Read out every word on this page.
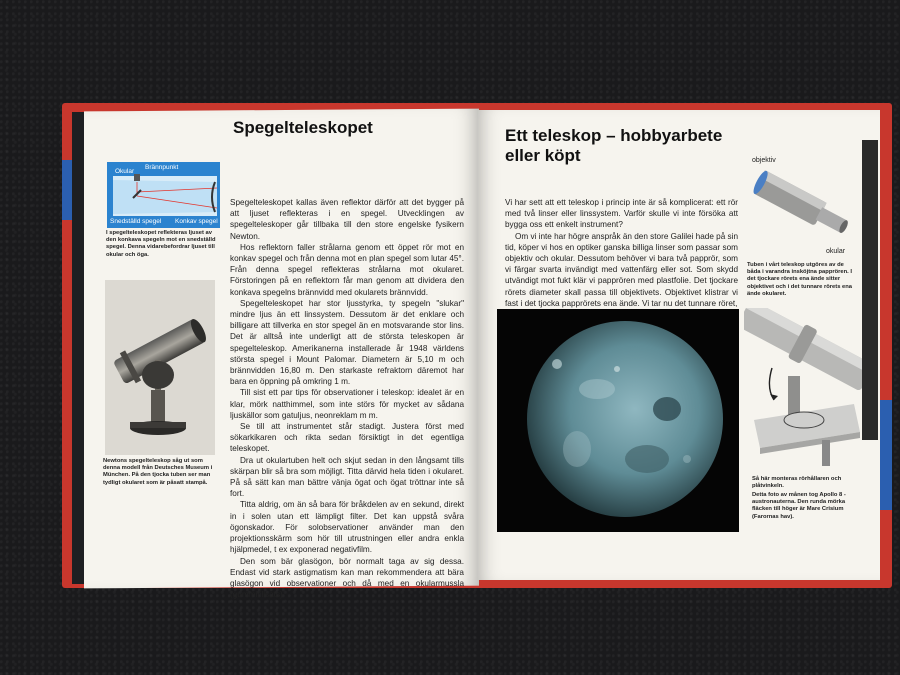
Spegelteleskopet
Okular
Brännpunkt
Snedställd spegel Konkav spegel

I spegelteleskopet reflekteras ljuset av den konkava spegeln mot en snedställd spegel. Denna vidarebefordrar ljuset till okular och öga.

Newtons spegelteleskop såg ut som denna modell från Deutsches Museum i München. På den tjocka tuben ser man tydligt okularet som är påsatt stampå.

Spegelteleskopet kallas även reflektor därför att det bygger på att ljuset reflekteras i en spegel. Utvecklingen av spegelteleskoper går tillbaka till den store engelske fysikern Newton.

Hos reflektorn faller strålarna genom ett öppet rör mot en konkav spegel och från denna mot en plan spegel som lutar 45°. Från denna spegel reflekteras strålarna mot okularet. Förstoringen på en reflektorn får man genom att dividera den konkava spegelns brännvidd med okularets brännvidd.

Spegelteleskopet har stor ljusstyrka, ty spegeln "slukar" mindre ljus än ett linssystem. Dessutom är det enklare och billigare att tillverka en stor spegel än en motsvarande stor lins. Det är alltså inte underligt att de största teleskopen är spegelteleskop. Amerikanerna installerade år 1948 världens största spegel i Mount Palomar. Diametern är 5,10 m och brännvidden 16,80 m. Den starkaste refraktorn däremot har bara en öppning på omkring 1 m.

Till sist ett par tips för observationer i teleskop: idealet är en klar, mörk natthimmel, som inte störs för mycket av sådana ljuskällor som gatuljus, neonreklam m m.

Se till att instrumentet står stadigt. Justera först med sökarkikaren och rikta sedan försiktigt in det egentliga teleskopet.

Dra ut okulartuben helt och skjut sedan in den långsamt tills skärpan blir så bra som möjligt. Titta därvid hela tiden i okularet. På så sätt kan man bättre vänja ögat och ögat tröttnar inte så fort.

Titta aldrig, om än så bara för bråkdelen av en sekund, direkt in i solen utan ett lämpligt filter. Det kan uppstå svåra ögonskador. För solobservationer använder man den projektionsskärm som hör till utrustningen eller andra enkla hjälpmedel, t ex exponerad negativfilm.

Den som bär glasögon, bör normalt taga av sig dessa. Endast vid stark astigmatism kan man rekommendera att bära glasögon vid observationer och då med en okularmussla (gummitillsats).

Ett teleskop – hobbyarbete eller köpt

Vi har sett att ett teleskop i princip inte är så komplicerat: ett rör med två linser eller linssystem. Varför skulle vi inte försöka att bygga oss ett enkelt instrument?

Om vi inte har högre anspråk än den store Galilei hade på sin tid, köper vi hos en optiker ganska billiga linser som passar som objektiv och okular. Dessutom behöver vi bara två papprör, som vi färgar svarta invändigt med vattenfärg eller sot. Som skydd utvändigt mot fukt klär vi papprören med plastfolie. Det tjockare rörets diameter skall passa till objektivets. Objektivet klistrar vi fast i det tjocka papprörets ena ände. Vi tar nu det tunnare röret,

objektiv
okular

Tuben i vårt teleskop utgöres av de båda i varandra insköjtna papprören. I det tjockare rörets ena ände sitter objektivet och i det tunnare rörets ena ände okularet.

Så här monteras rörhållaren och plåtvinkeln.

Detta foto av månen tog Apollo 8 -austronauterna. Den runda mörka fläcken till höger är Mare Crisium (Farornas hav).
